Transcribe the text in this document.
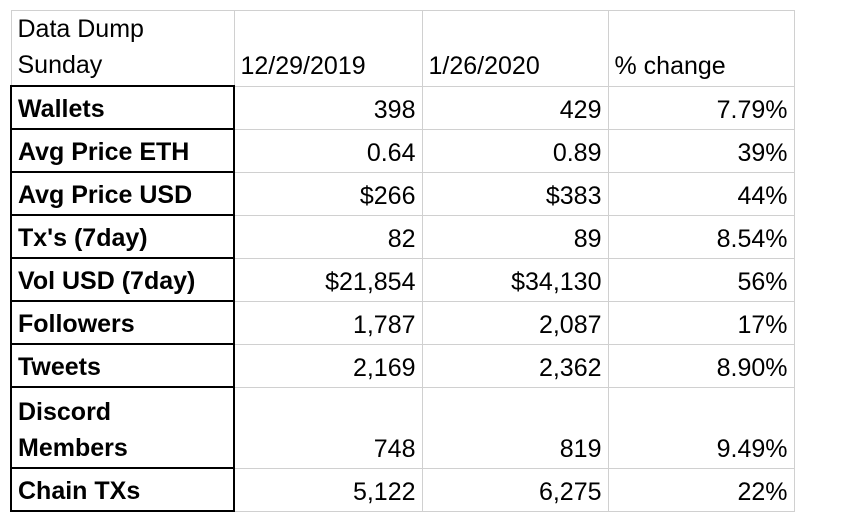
Data Dump Sunday	12/29/2019	1/26/2020	% change
Wallets	398	429	7.79%
Avg Price ETH	0.64	0.89	39%
Avg Price USD	$266	$383	44%
Tx's (7day)	82	89	8.54%
Vol USD (7day)	$21,854	$34,130	56%
Followers	1,787	2,087	17%
Tweets	2,169	2,362	8.90%
Discord Members	748	819	9.49%
Chain TXs	5,122	6,275	22%
